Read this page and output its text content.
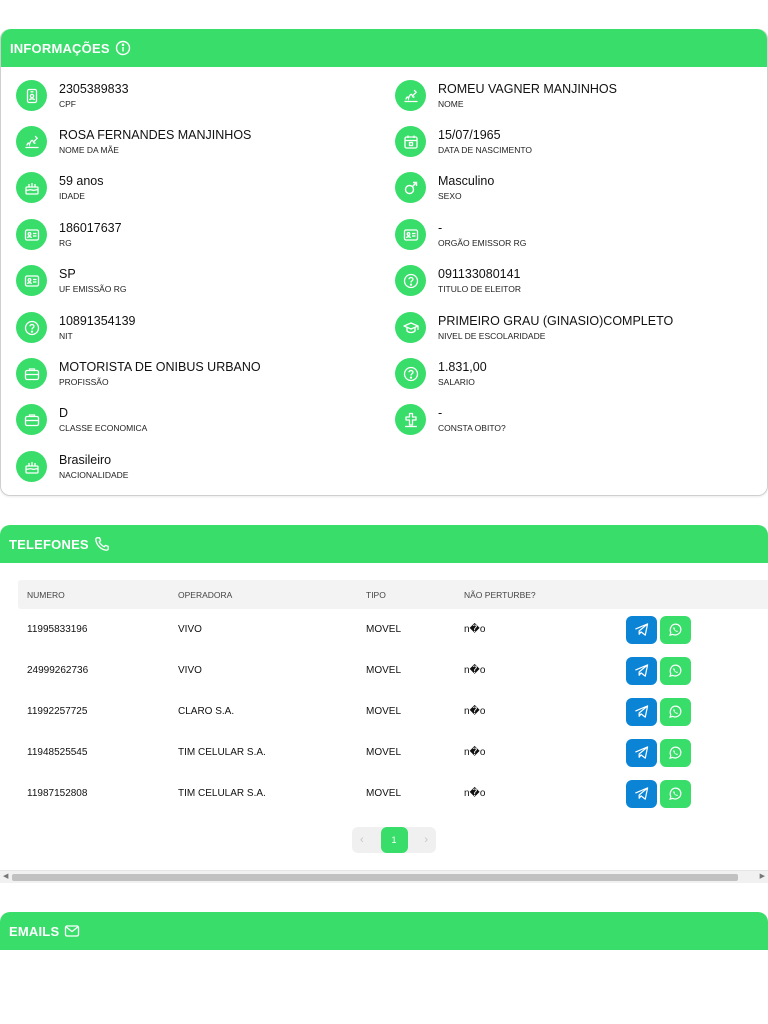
INFORMAÇÕES
2305389833
CPF
ROMEU VAGNER MANJINHOS
NOME
ROSA FERNANDES MANJINHOS
NOME DA MÃE
15/07/1965
DATA DE NASCIMENTO
59 anos
IDADE
Masculino
SEXO
186017637
RG
-
ORGÃO EMISSOR RG
SP
UF EMISSÃO RG
091133080141
TITULO DE ELEITOR
10891354139
NIT
PRIMEIRO GRAU (GINASIO)COMPLETO
NIVEL DE ESCOLARIDADE
MOTORISTA DE ONIBUS URBANO
PROFISSÃO
1.831,00
SALARIO
D
CLASSE ECONOMICA
-
CONSTA OBITO?
Brasileiro
NACIONALIDADE
TELEFONES
NUMERO	OPERADORA	TIPO	NÃO PERTURBE?
11995833196	VIVO	MOVEL	n�o
24999262736	VIVO	MOVEL	n�o
11992257725	CLARO S.A.	MOVEL	n�o
11948525545	TIM CELULAR S.A.	MOVEL	n�o
11987152808	TIM CELULAR S.A.	MOVEL	n�o
‹	1	›
◀	▶
EMAILS
